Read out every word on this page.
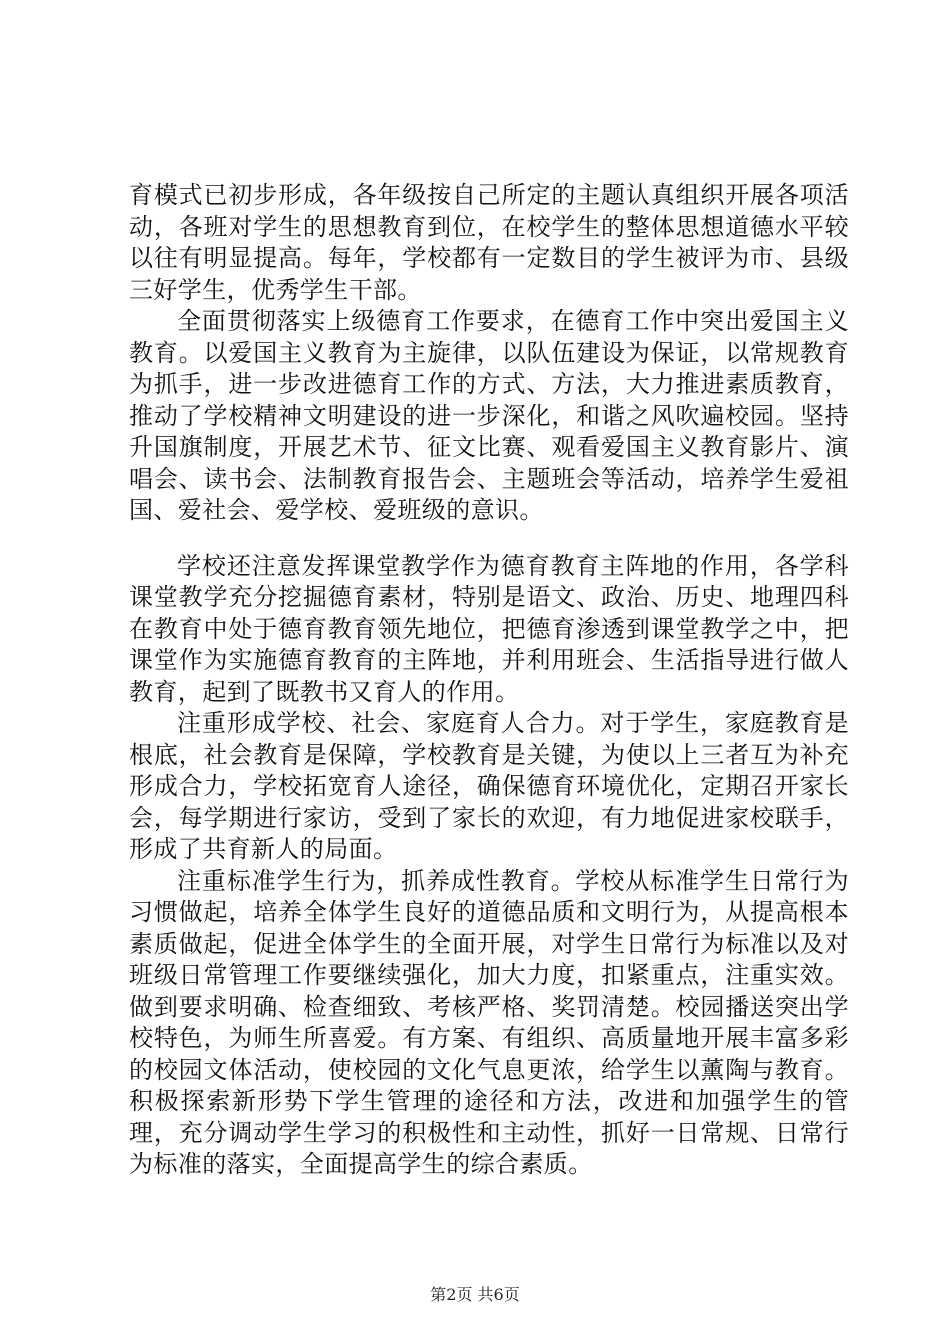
育模式已初步形成，各年级按自己所定的主题认真组织开展各项活动，各班对学生的思想教育到位，在校学生的整体思想道德水平较以往有明显提高。每年，学校都有一定数目的学生被评为市、县级三好学生，优秀学生干部。

全面贯彻落实上级德育工作要求，在德育工作中突出爱国主义教育。以爱国主义教育为主旋律，以队伍建设为保证，以常规教育为抓手，进一步改进德育工作的方式、方法，大力推进素质教育，推动了学校精神文明建设的进一步深化，和谐之风吹遍校园。坚持升国旗制度，开展艺术节、征文比赛、观看爱国主义教育影片、演唱会、读书会、法制教育报告会、主题班会等活动，培养学生爱祖国、爱社会、爱学校、爱班级的意识。

学校还注意发挥课堂教学作为德育教育主阵地的作用，各学科课堂教学充分挖掘德育素材，特别是语文、政治、历史、地理四科在教育中处于德育教育领先地位，把德育渗透到课堂教学之中，把课堂作为实施德育教育的主阵地，并利用班会、生活指导进行做人教育，起到了既教书又育人的作用。

注重形成学校、社会、家庭育人合力。对于学生，家庭教育是根底，社会教育是保障，学校教育是关键，为使以上三者互为补充形成合力，学校拓宽育人途径，确保德育环境优化，定期召开家长会，每学期进行家访，受到了家长的欢迎，有力地促进家校联手，形成了共育新人的局面。

注重标准学生行为，抓养成性教育。学校从标准学生日常行为习惯做起，培养全体学生良好的道德品质和文明行为，从提高根本素质做起，促进全体学生的全面开展，对学生日常行为标准以及对班级日常管理工作要继续强化，加大力度，扣紧重点，注重实效。做到要求明确、检查细致、考核严格、奖罚清楚。校园播送突出学校特色，为师生所喜爱。有方案、有组织、高质量地开展丰富多彩的校园文体活动，使校园的文化气息更浓，给学生以薰陶与教育。积极探索新形势下学生管理的途径和方法，改进和加强学生的管理，充分调动学生学习的积极性和主动性，抓好一日常规、日常行为标准的落实，全面提高学生的综合素质。

第2页 共6页
